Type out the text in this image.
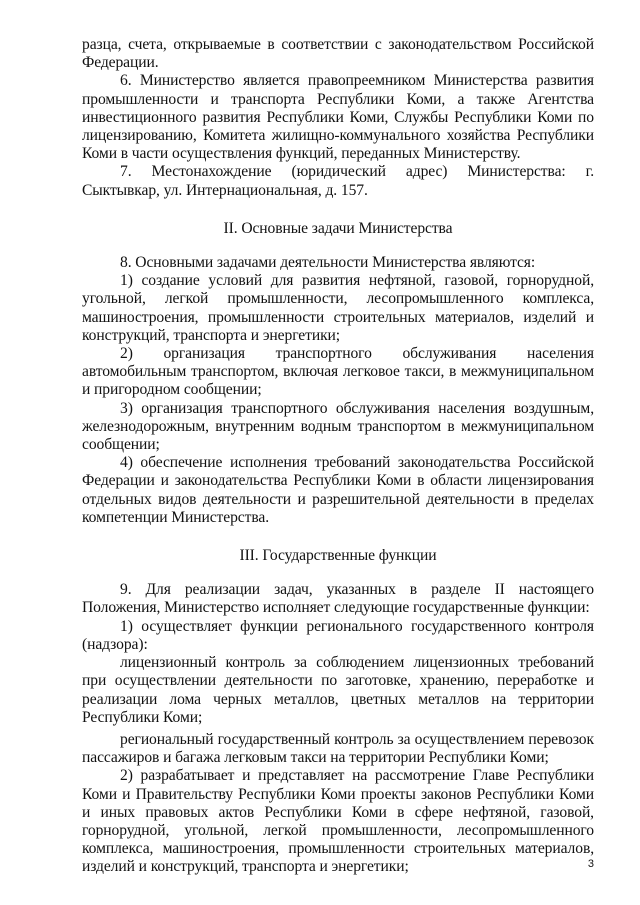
разца, счета, открываемые в соответствии с законодательством Российской Федерации.

6. Министерство является правопреемником Министерства развития промышленности и транспорта Республики Коми, а также Агентства инвестиционного развития Республики Коми, Службы Республики Коми по лицензированию, Комитета жилищно-коммунального хозяйства Республики Коми в части осуществления функций, переданных Министерству.

7. Местонахождение (юридический адрес) Министерства: г. Сыктывкар, ул. Интернациональная, д. 157.

II. Основные задачи Министерства

8. Основными задачами деятельности Министерства являются:

1) создание условий для развития нефтяной, газовой, горнорудной, угольной, легкой промышленности, лесопромышленного комплекса, машиностроения, промышленности строительных материалов, изделий и конструкций, транспорта и энергетики;

2) организация транспортного обслуживания населения автомобильным транспортом, включая легковое такси, в межмуниципальном и пригородном сообщении;

3) организация транспортного обслуживания населения воздушным, железнодорожным, внутренним водным транспортом в межмуниципальном сообщении;

4) обеспечение исполнения требований законодательства Российской Федерации и законодательства Республики Коми в области лицензирования отдельных видов деятельности и разрешительной деятельности в пределах компетенции Министерства.

III. Государственные функции

9. Для реализации задач, указанных в разделе II настоящего Положения, Министерство исполняет следующие государственные функции:

1) осуществляет функции регионального государственного контроля (надзора):

лицензионный контроль за соблюдением лицензионных требований при осуществлении деятельности по заготовке, хранению, переработке и реализации лома черных металлов, цветных металлов на территории Республики Коми;

региональный государственный контроль за осуществлением перевозок пассажиров и багажа легковым такси на территории Республики Коми;

2) разрабатывает и представляет на рассмотрение Главе Республики Коми и Правительству Республики Коми проекты законов Республики Коми и иных правовых актов Республики Коми в сфере нефтяной, газовой, горнорудной, угольной, легкой промышленности, лесопромышленного комплекса, машиностроения, промышленности строительных материалов, изделий и конструкций, транспорта и энергетики;	3
